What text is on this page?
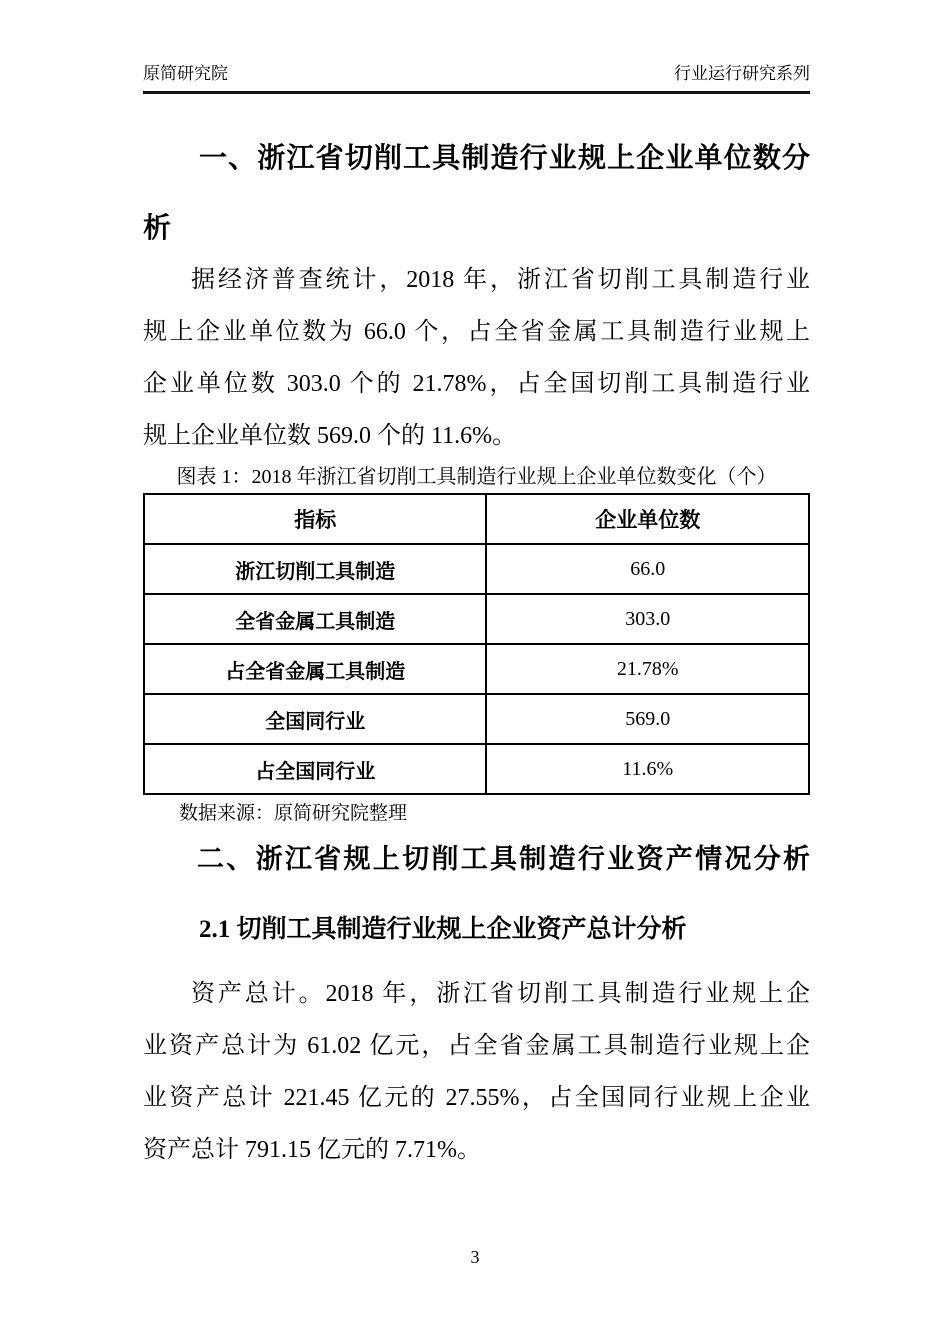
原简研究院	行业运行研究系列
一、浙江省切削工具制造行业规上企业单位数分
析
据经济普查统计，2018 年，浙江省切削工具制造行业
规上企业单位数为 66.0 个，占全省金属工具制造行业规上
企业单位数 303.0 个的 21.78%，占全国切削工具制造行业
规上企业单位数 569.0 个的 11.6%。
图表 1：2018 年浙江省切削工具制造行业规上企业单位数变化（个）
指标	企业单位数
浙江切削工具制造	66.0
全省金属工具制造	303.0
占全省金属工具制造	21.78%
全国同行业	569.0
占全国同行业	11.6%
数据来源：原简研究院整理
二、浙江省规上切削工具制造行业资产情况分析
2.1 切削工具制造行业规上企业资产总计分析
资产总计。2018 年，浙江省切削工具制造行业规上企
业资产总计为 61.02 亿元，占全省金属工具制造行业规上企
业资产总计 221.45 亿元的 27.55%，占全国同行业规上企业
资产总计 791.15 亿元的 7.71%。
3
